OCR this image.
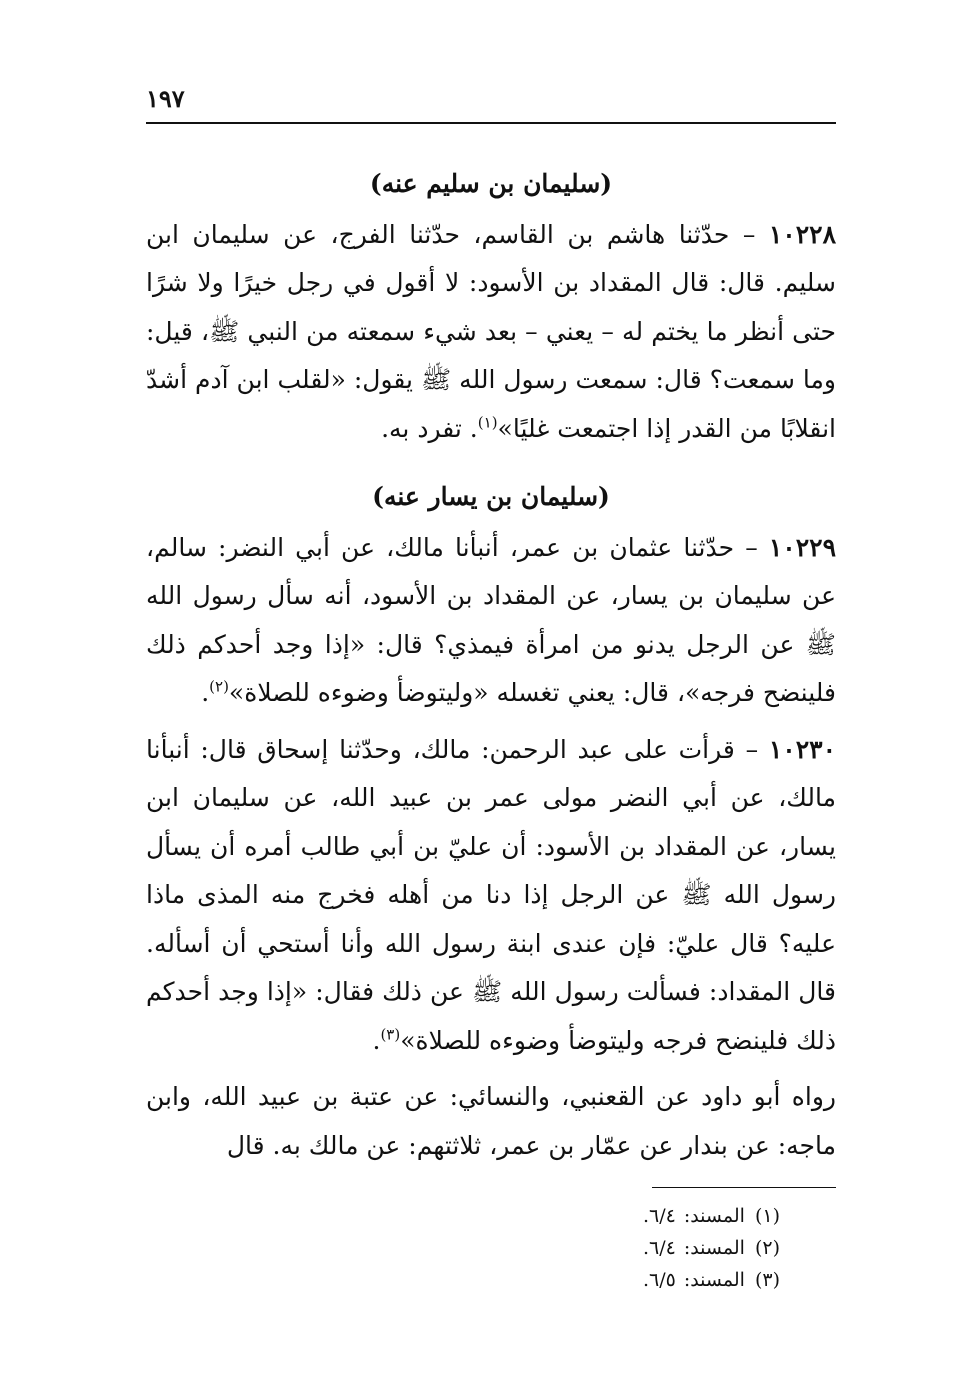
١٩٧
(سليمان بن سليم عنه)

١٠٢٢٨ – حدّثنا هاشم بن القاسم، حدّثنا الفرج، عن سليمان ابن سليم. قال: قال المقداد بن الأسود: لا أقول في رجل خيرًا ولا شرًا حتى أنظر ما يختم له – يعني – بعد شيء سمعته من النبي ﷺ، قيل: وما سمعت؟ قال: سمعت رسول الله ﷺ يقول: «لقلب ابن آدم أشدّ انقلابًا من القدر إذا اجتمعت غليًا»$^{(١)}$. تفرد به.

(سليمان بن يسار عنه)

١٠٢٢٩ – حدّثنا عثمان بن عمر، أنبأنا مالك، عن أبي النضر: سالم، عن سليمان بن يسار، عن المقداد بن الأسود، أنه سأل رسول الله ﷺ عن الرجل يدنو من امرأة فيمذي؟ قال: «إذا وجد أحدكم ذلك فلينضح فرجه»، قال: يعني تغسله «وليتوضأ وضوءه للصلاة»$^{(٢)}$.

١٠٢٣٠ – قرأت على عبد الرحمن: مالك، وحدّثنا إسحاق قال: أنبأنا مالك، عن أبي النضر مولى عمر بن عبيد الله، عن سليمان ابن يسار، عن المقداد بن الأسود: أن عليّ بن أبي طالب أمره أن يسأل رسول الله ﷺ عن الرجل إذا دنا من أهله فخرج منه المذى ماذا عليه؟ قال عليّ: فإن عندى ابنة رسول الله وأنا أستحي أن أسأله. قال المقداد: فسألت رسول الله ﷺ عن ذلك فقال: «إذا وجد أحدكم ذلك فلينضح فرجه وليتوضأ وضوءه للصلاة»$^{(٣)}$.

رواه أبو داود عن القعنبي، والنسائي: عن عتبة بن عبيد الله، وابن ماجه: عن بندار عن عمّار بن عمر، ثلاثتهم: عن مالك به. قال

(١)المسند:٦/٤.

(٢)المسند:٦/٤.

(٣)المسند:٦/٥.
